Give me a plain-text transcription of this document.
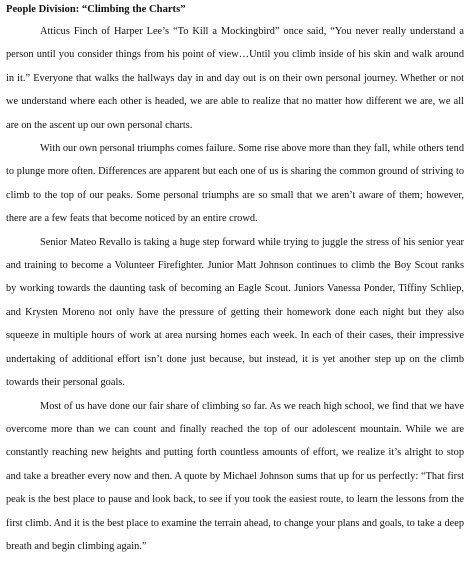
People Division: “Climbing the Charts”

Atticus Finch of Harper Lee’s “To Kill a Mockingbird” once said, “You never really understand a person until you consider things from his point of view…Until you climb inside of his skin and walk around in it.” Everyone that walks the hallways day in and day out is on their own personal journey. Whether or not we understand where each other is headed, we are able to realize that no matter how different we are, we all are on the ascent up our own personal charts.

With our own personal triumphs comes failure. Some rise above more than they fall, while others tend to plunge more often. Differences are apparent but each one of us is sharing the common ground of striving to climb to the top of our peaks. Some personal triumphs are so small that we aren’t aware of them; however, there are a few feats that become noticed by an entire crowd.

Senior Mateo Revallo is taking a huge step forward while trying to juggle the stress of his senior year and training to become a Volunteer Firefighter. Junior Matt Johnson continues to climb the Boy Scout ranks by working towards the daunting task of becoming an Eagle Scout. Juniors Vanessa Ponder, Tiffiny Schliep, and Krysten Moreno not only have the pressure of getting their homework done each night but they also squeeze in multiple hours of work at area nursing homes each week. In each of their cases, their impressive undertaking of additional effort isn’t done just because, but instead, it is yet another step up on the climb towards their personal goals.

Most of us have done our fair share of climbing so far. As we reach high school, we find that we have overcome more than we can count and finally reached the top of our adolescent mountain. While we are constantly reaching new heights and putting forth countless amounts of effort, we realize it’s alright to stop and take a breather every now and then. A quote by Michael Johnson sums that up for us perfectly: “That first peak is the best place to pause and look back, to see if you took the easiest route, to learn the lessons from the first climb. And it is the best place to examine the terrain ahead, to change your plans and goals, to take a deep breath and begin climbing again.”
